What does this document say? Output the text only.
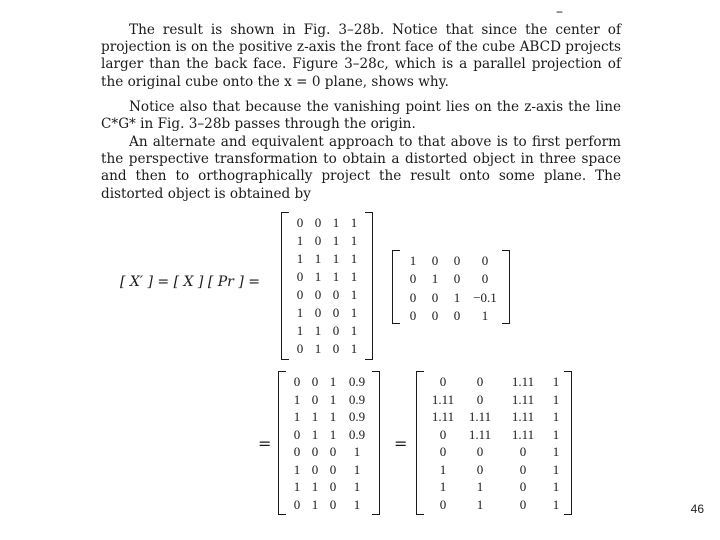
–

The result is shown in Fig. 3–28b. Notice that since the center of projection is on the positive z-axis the front face of the cube ABCD projects larger than the back face. Figure 3–28c, which is a parallel projection of the original cube onto the x = 0 plane, shows why.

Notice also that because the vanishing point lies on the z-axis the line C*G* in Fig. 3–28b passes through the origin.

An alternate and equivalent approach to that above is to first perform the perspective transformation to obtain a distorted object in three space and then to orthographically project the result onto some plane. The distorted object is obtained by

[ X′ ] = [ X ] [ Pr ] =
0 0 1 1
1 0 1 1
1 1 1 1
0 1 1 1
0 0 0 1
1 0 0 1
1 1 0 1
0 1 0 1
1	0	0	0
0	1	0	0
0	0	1 −0.1
0	0	0	1
=
0 0 1 0.9
1 0 1 0.9
1 1 1 0.9
0 1 1 0.9
0 0 0	1
1 0 0	1
1 1 0	1
0 1 0	1
=
0	0	1.11	1
1.11	0	1.11	1
1.11	1.11	1.11	1
0	1.11	1.11	1
0	0	0	1
1	0	0	1
1	1	0	1
0	1	0	1	46
